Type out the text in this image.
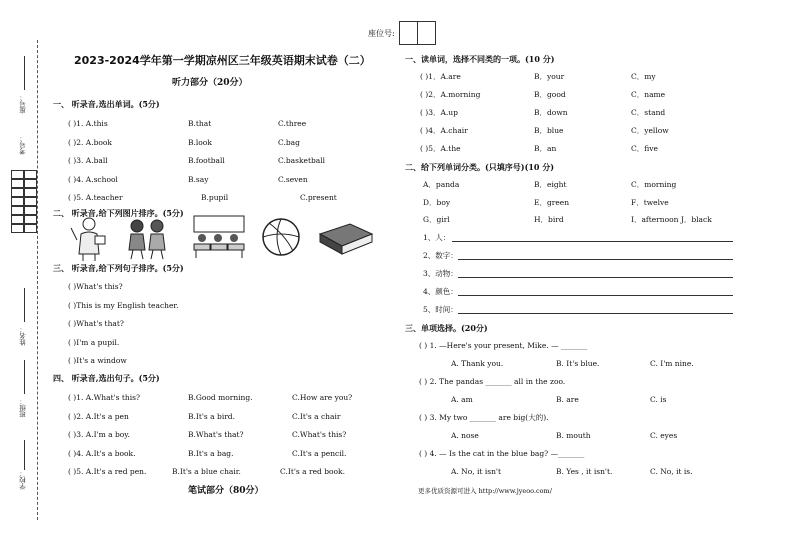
座位号:
学校：
班级：
姓名：
考号：
座号：
2023-2024学年第一学期凉州区三年级英语期末试卷（二）
听力部分（20分）
一、 听录音,选出单词。(5分)
( )1. A.this	B.that	C.three
( )2. A.book	B.look	C.bag
( )3. A.ball	B.football	C.basketball
( )4. A.school	B.say	C.seven
( )5. A.teacher	B.pupil	C.present
二、 听录音,给下列图片排序。(5分)
三、 听录音,给下列句子排序。(5分)
( )What's this?
( )This is my English teacher.
( )What's that?
( )I'm a pupil.
( )It's a window
四、 听录音,选出句子。(5分)
( )1. A.What's this?	B.Good morning.	C.How are you?
( )2. A.It's a pen	B.It's a bird.	C.It's a chair
( )3. A.I'm a boy.	B.What's that?	C.What's this?
( )4. A.It's a book.	B.It's a bag.	C.It's a pencil.
( )5. A.It's a red pen.	B.It's a blue chair.	C.It's a red book.
笔试部分（80分）
一、读单词，选择不同类的一项。(10 分)
( )1．A.are	B．your	C．my
( )2．A.morning	B．good	C．name
( )3．A.up	B．down	C．stand
( )4．A.chair	B．blue	C．yellow
( )5．A.the	B．an	C．five
二、给下列单词分类。(只填序号)(10 分)
A．panda	B．eight	C．morning
D．boy	E．green	F．twelve
G．girl	H．bird	I．afternoon J．black
1、人：
2、数字：
3、动物：
4、颜色：
5、时间：
三、单项选择。(20分)
( ) 1. —Here's your present, Mike. — _______
A. Thank you.	B. It's blue.	C. I'm nine.
( ) 2. The pandas _______ all in the zoo.
A. am	B. are	C. is
( ) 3. My two _______ are big(大的).
A. nose	B. mouth	C. eyes
( ) 4. — Is the cat in the blue bag? —_______
A. No, it isn't	B. Yes , it isn't.	C. No, it is.
更多优质资源可进入 http://www.jyeoo.com/
